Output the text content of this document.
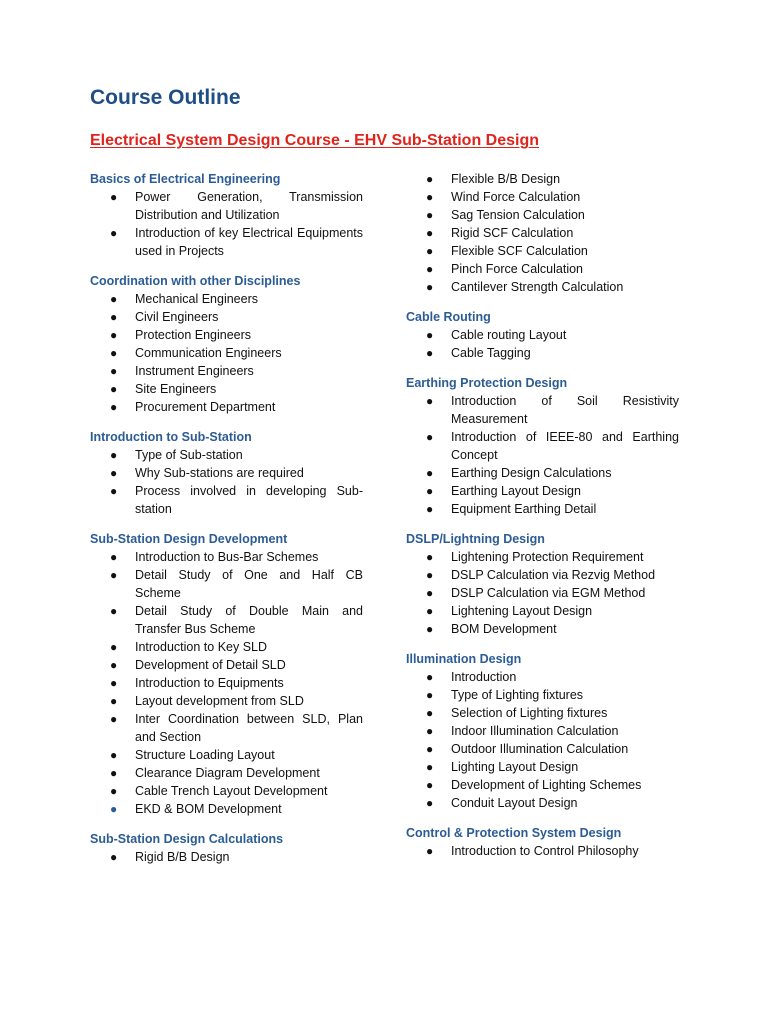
Course Outline
Electrical System Design Course - EHV Sub-Station Design
Basics of Electrical Engineering
● Power Generation, Transmission Distribution and Utilization
● Introduction of key Electrical Equipments used in Projects
Coordination with other Disciplines
● Mechanical Engineers
● Civil Engineers
● Protection Engineers
● Communication Engineers
● Instrument Engineers
● Site Engineers
● Procurement Department
Introduction to Sub-Station
● Type of Sub-station
● Why Sub-stations are required
● Process involved in developing Sub-station
Sub-Station Design Development
● Introduction to Bus-Bar Schemes
● Detail Study of One and Half CB Scheme
● Detail Study of Double Main and Transfer Bus Scheme
● Introduction to Key SLD
● Development of Detail SLD
● Introduction to Equipments
● Layout development from SLD
● Inter Coordination between SLD, Plan and Section
● Structure Loading Layout
● Clearance Diagram Development
● Cable Trench Layout Development
● EKD & BOM Development
Sub-Station Design Calculations
● Rigid B/B Design
● Flexible B/B Design
● Wind Force Calculation
● Sag Tension Calculation
● Rigid SCF Calculation
● Flexible SCF Calculation
● Pinch Force Calculation
● Cantilever Strength Calculation
Cable Routing
● Cable routing Layout
● Cable Tagging
Earthing Protection Design
● Introduction of Soil Resistivity Measurement
● Introduction of IEEE-80 and Earthing Concept
● Earthing Design Calculations
● Earthing Layout Design
● Equipment Earthing Detail
DSLP/Lightning Design
● Lightening Protection Requirement
● DSLP Calculation via Rezvig Method
● DSLP Calculation via EGM Method
● Lightening Layout Design
● BOM Development
Illumination Design
● Introduction
● Type of Lighting fixtures
● Selection of Lighting fixtures
● Indoor Illumination Calculation
● Outdoor Illumination Calculation
● Lighting Layout Design
● Development of Lighting Schemes
● Conduit Layout Design
Control & Protection System Design
● Introduction to Control Philosophy
